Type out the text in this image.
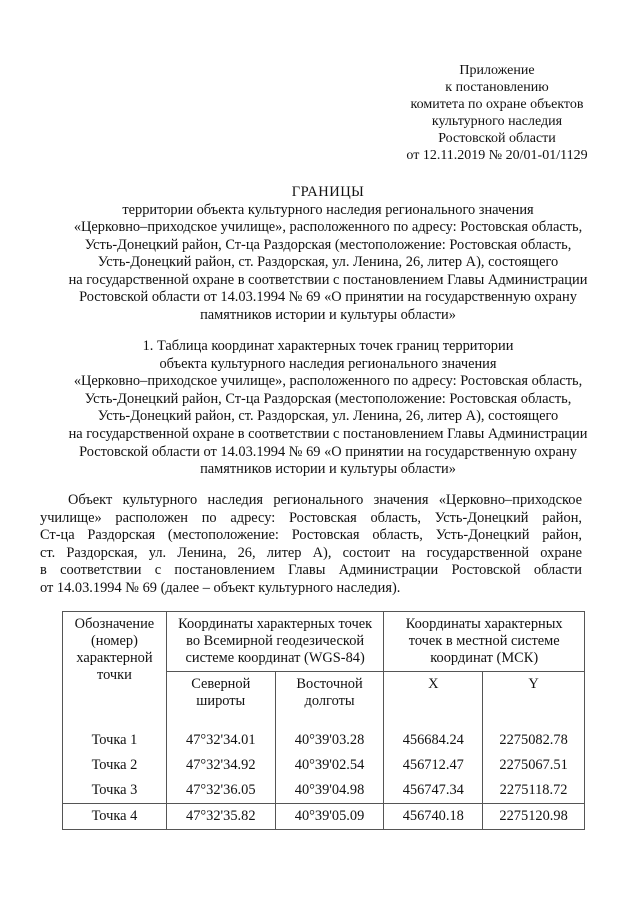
Приложение
к постановлению
комитета по охране объектов
культурного наследия
Ростовской области
от 12.11.2019 № 20/01-01/1129
ГРАНИЦЫ
территории объекта культурного наследия регионального значения
«Церковно–приходское училище», расположенного по адресу: Ростовская область,
Усть-Донецкий район, Ст-ца Раздорская (местоположение: Ростовская область,
Усть-Донецкий район, ст. Раздорская, ул. Ленина, 26, литер А), состоящего
на государственной охране в соответствии с постановлением Главы Администрации
Ростовской области от 14.03.1994 № 69 «О принятии на государственную охрану
памятников истории и культуры области»
1. Таблица координат характерных точек границ территории
объекта культурного наследия регионального значения
«Церковно–приходское училище», расположенного по адресу: Ростовская область,
Усть-Донецкий район, Ст-ца Раздорская (местоположение: Ростовская область,
Усть-Донецкий район, ст. Раздорская, ул. Ленина, 26, литер А), состоящего
на государственной охране в соответствии с постановлением Главы Администрации
Ростовской области от 14.03.1994 № 69 «О принятии на государственную охрану
памятников истории и культуры области»
Объект культурного наследия регионального значения «Церковно–приходское
училище» расположен по адресу: Ростовская область, Усть-Донецкий район,
Ст-ца Раздорская (местоположение: Ростовская область, Усть-Донецкий район,
ст. Раздорская, ул. Ленина, 26, литер А), состоит на государственной охране
в соответствии с постановлением Главы Администрации Ростовской области
от 14.03.1994 № 69 (далее – объект культурного наследия).
Обозначение (номер) характерной точки	Координаты характерных точек во Всемирной геодезической системе координат (WGS-84)		Координаты характерных точек в местной системе координат (МСК)	
	Северной широты	Восточной долготы	X	Y
Точка 1	47°32'34.01	40°39'03.28	456684.24	2275082.78
Точка 2	47°32'34.92	40°39'02.54	456712.47	2275067.51
Точка 3	47°32'36.05	40°39'04.98	456747.34	2275118.72
Точка 4	47°32'35.82	40°39'05.09	456740.18	2275120.98
